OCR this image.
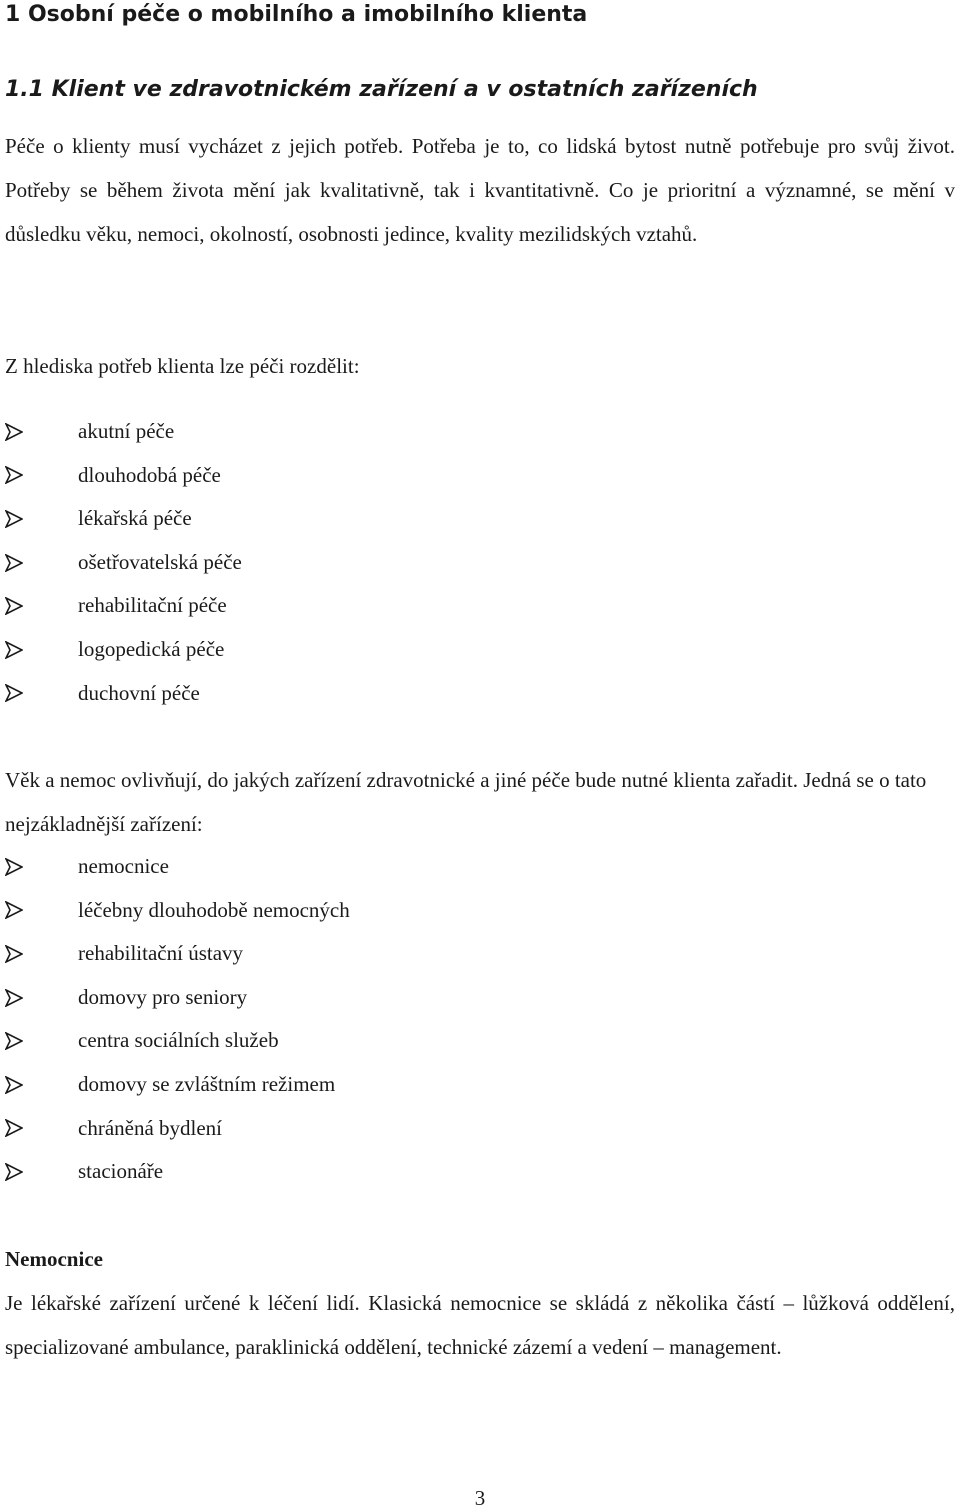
1 Osobní péče o mobilního a imobilního klienta
1.1 Klient ve zdravotnickém zařízení a v ostatních zařízeních

Péče o klienty musí vycházet z jejich potřeb. Potřeba je to, co lidská bytost nutně potřebuje pro svůj život. Potřeby se během života mění jak kvalitativně, tak i kvantitativně. Co je prioritní a významné, se mění v důsledku věku, nemoci, okolností, osobnosti jedince, kvality mezilidských vztahů.

Z hlediska potřeb klienta lze péči rozdělit:

akutní péče
dlouhodobá péče
lékařská péče
ošetřovatelská péče
rehabilitační péče
logopedická péče
duchovní péče

Věk a nemoc ovlivňují, do jakých zařízení zdravotnické a jiné péče bude nutné klienta zařadit. Jedná se o tato nejzákladnější zařízení:

nemocnice
léčebny dlouhodobě nemocných
rehabilitační ústavy
domovy pro seniory
centra sociálních služeb
domovy se zvláštním režimem
chráněná bydlení
stacionáře

Nemocnice

Je lékařské zařízení určené k léčení lidí. Klasická nemocnice se skládá z několika částí – lůžková oddělení, specializované ambulance, paraklinická oddělení, technické zázemí a vedení – management.

3
